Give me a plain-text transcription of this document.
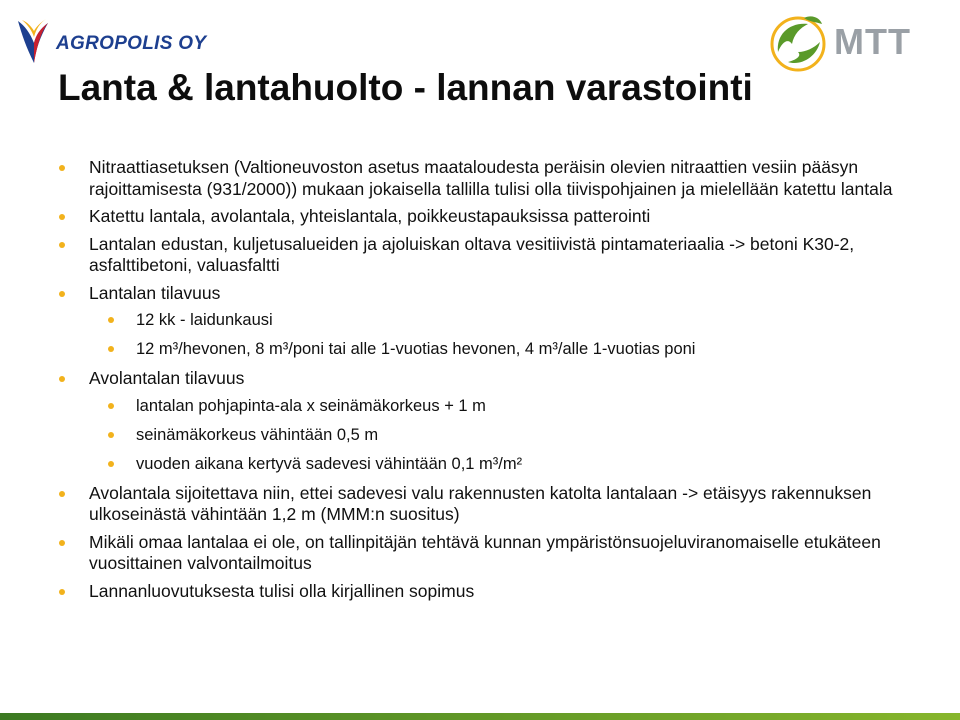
AGROPOLIS OY	MTT
Lanta & lantahuolto - lannan varastointi
Nitraattiasetuksen (Valtioneuvoston asetus maataloudesta peräisin olevien nitraattien vesiin pääsyn rajoittamisesta (931/2000)) mukaan jokaisella tallilla tulisi olla tiivispohjainen ja mielellään katettu lantala
Katettu lantala, avolantala, yhteislantala, poikkeustapauksissa patterointi
Lantalan edustan, kuljetusalueiden ja ajoluiskan oltava vesitiivistä pintamateriaalia -> betoni K30-2, asfalttibetoni, valuasfaltti
Lantalan tilavuus
12 kk - laidunkausi
12 m³/hevonen, 8 m³/poni tai alle 1-vuotias hevonen, 4 m³/alle 1-vuotias poni
Avolantalan tilavuus
lantalan pohjapinta-ala x seinämäkorkeus + 1 m
seinämäkorkeus vähintään 0,5 m
vuoden aikana kertyvä sadevesi vähintään 0,1 m³/m²
Avolantala sijoitettava niin, ettei sadevesi valu rakennusten katolta lantalaan -> etäisyys rakennuksen ulkoseinästä vähintään 1,2 m (MMM:n suositus)
Mikäli omaa lantalaa ei ole, on tallinpitäjän tehtävä kunnan ympäristönsuojeluviranomaiselle etukäteen vuosittainen valvontailmoitus
Lannanluovutuksesta tulisi olla kirjallinen sopimus
